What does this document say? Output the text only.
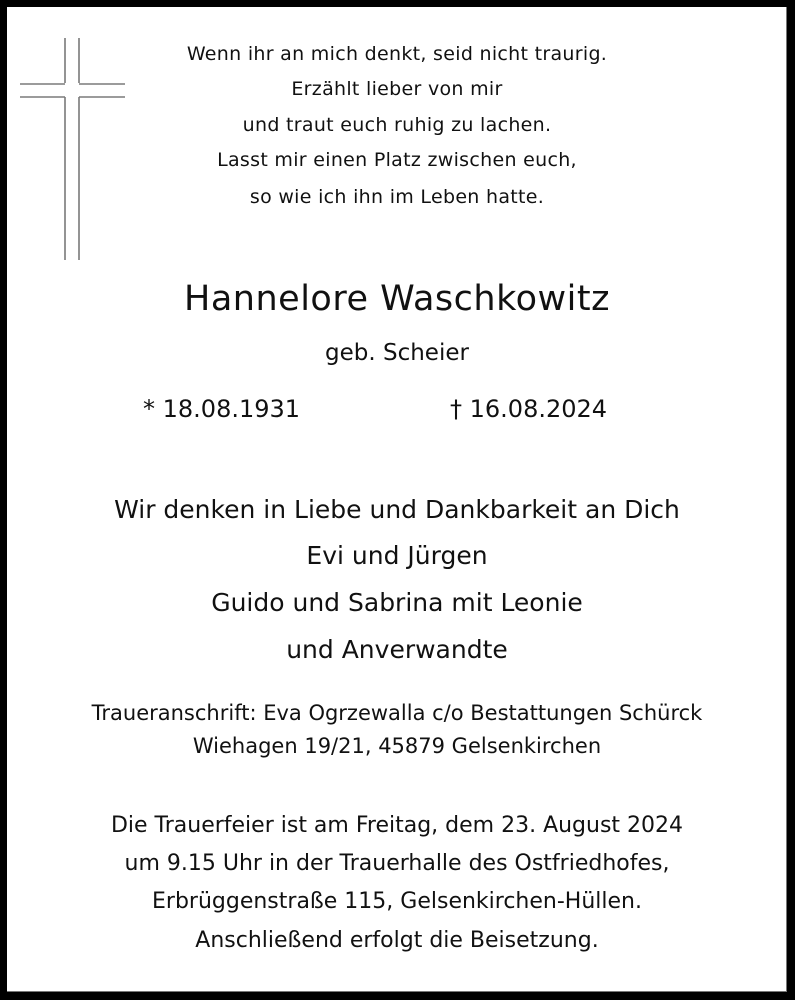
Wenn ihr an mich denkt, seid nicht traurig.
Erzählt lieber von mir
und traut euch ruhig zu lachen.
Lasst mir einen Platz zwischen euch,
so wie ich ihn im Leben hatte.
Hannelore Waschkowitz
geb. Scheier
* 18.08.1931	† 16.08.2024
Wir denken in Liebe und Dankbarkeit an Dich
Evi und Jürgen
Guido und Sabrina mit Leonie
und Anverwandte
Traueranschrift: Eva Ogrzewalla c/o Bestattungen Schürck
Wiehagen 19/21, 45879 Gelsenkirchen
Die Trauerfeier ist am Freitag, dem 23. August 2024
um 9.15 Uhr in der Trauerhalle des Ostfriedhofes,
Erbrüggenstraße 115, Gelsenkirchen-Hüllen.
Anschließend erfolgt die Beisetzung.
